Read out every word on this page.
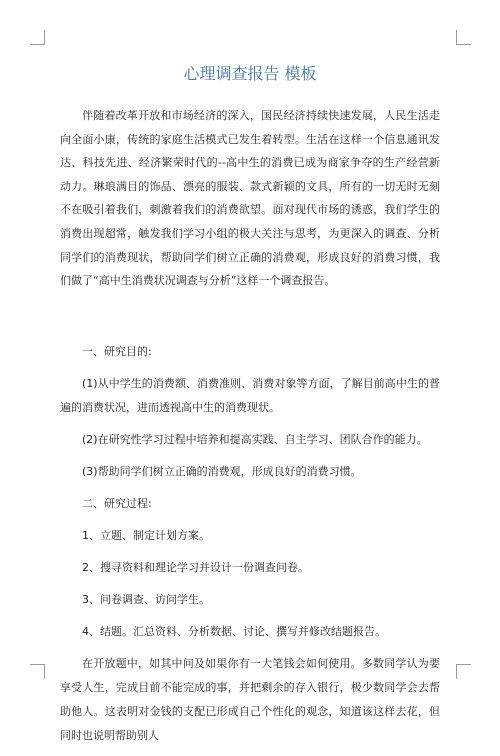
心理调查报告 模板

伴随着改革开放和市场经济的深入，国民经济持续快速发展，人民生活走向全面小康，传统的家庭生活模式已发生着转型。生活在这样一个信息通讯发达、科技先进、经济繁荣时代的--高中生的消费已成为商家争夺的生产经营新动力。琳琅满目的饰品、漂亮的服装、款式新颖的文具，所有的一切无时无刻不在吸引着我们，刺激着我们的消费欲望。面对现代市场的诱惑，我们学生的消费出现超常，触发我们学习小组的极大关注与思考，为更深入的调查、分析同学们的消费现状，帮助同学们树立正确的消费观，形成良好的消费习惯，我们做了“高中生消费状况调查与分析”这样一个调查报告。

一、研究目的:

(1)从中学生的消费额、消费准则、消费对象等方面，了解目前高中生的普遍的消费状况，进而透视高中生的消费现状。

(2)在研究性学习过程中培养和提高实践、自主学习、团队合作的能力。

(3)帮助同学们树立正确的消费观，形成良好的消费习惯。

二、研究过程:

1、立题、制定计划方案。

2、搜寻资料和理论学习并设计一份调查问卷。

3、问卷调查、访问学生。

4、结题。汇总资料、分析数据、讨论、撰写并修改结题报告。

在开放题中，如其中问及如果你有一大笔钱会如何使用。多数同学认为要享受人生，完成目前不能完成的事，并把剩余的存入银行，极少数同学会去帮助他人。这表明对金钱的支配已形成自己个性化的观念，知道该这样去花，但同时也说明帮助别人
